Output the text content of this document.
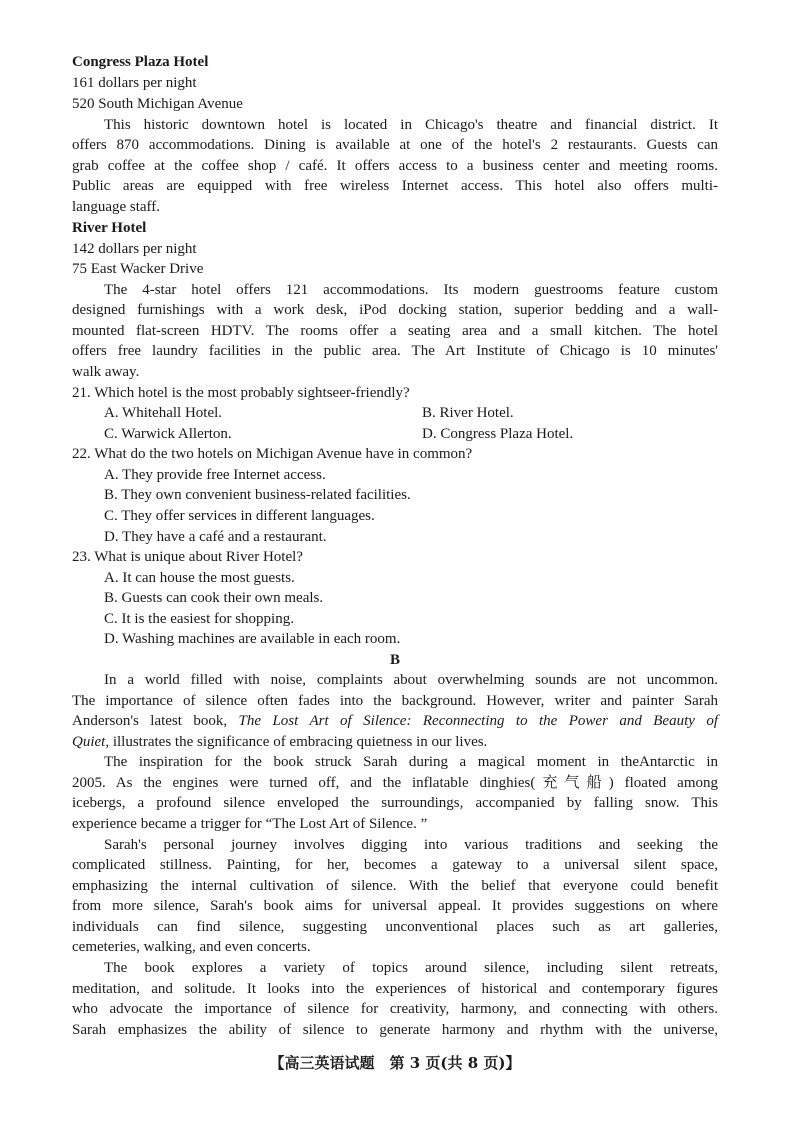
Congress Plaza Hotel
161 dollars per night
520 South Michigan Avenue
This historic downtown hotel is located in Chicago's theatre and financial district. It
offers 870 accommodations. Dining is available at one of the hotel's 2 restaurants. Guests can
grab coffee at the coffee shop / café. It offers access to a business center and meeting rooms.
Public areas are equipped with free wireless Internet access. This hotel also offers multi-
language staff.
River Hotel
142 dollars per night
75 East Wacker Drive
The 4-star hotel offers 121 accommodations. Its modern guestrooms feature custom
designed furnishings with a work desk, iPod docking station, superior bedding and a wall-
mounted flat-screen HDTV. The rooms offer a seating area and a small kitchen. The hotel
offers free laundry facilities in the public area. The Art Institute of Chicago is 10 minutes'
walk away.
21. Which hotel is the most probably sightseer-friendly?
A. Whitehall Hotel.	B. River Hotel.
C. Warwick Allerton.	D. Congress Plaza Hotel.
22. What do the two hotels on Michigan Avenue have in common?
A. They provide free Internet access.
B. They own convenient business-related facilities.
C. They offer services in different languages.
D. They have a café and a restaurant.
23. What is unique about River Hotel?
A. It can house the most guests.
B. Guests can cook their own meals.
C. It is the easiest for shopping.
D. Washing machines are available in each room.
B
In a world filled with noise, complaints about overwhelming sounds are not uncommon.
The importance of silence often fades into the background. However, writer and painter Sarah
Anderson's latest book, The Lost Art of Silence: Reconnecting to the Power and Beauty of
Quiet, illustrates the significance of embracing quietness in our lives.
The inspiration for the book struck Sarah during a magical moment in theAntarctic in
2005. As the engines were turned off, and the inflatable dinghies(充气船) floated among
icebergs, a profound silence enveloped the surroundings, accompanied by falling snow. This
experience became a trigger for “The Lost Art of Silence. ”
Sarah's personal journey involves digging into various traditions and seeking the
complicated stillness. Painting, for her, becomes a gateway to a universal silent space,
emphasizing the internal cultivation of silence. With the belief that everyone could benefit
from more silence, Sarah's book aims for universal appeal. It provides suggestions on where
individuals can find silence, suggesting unconventional places such as art galleries,
cemeteries, walking, and even concerts.
The book explores a variety of topics around silence, including silent retreats,
meditation, and solitude. It looks into the experiences of historical and contemporary figures
who advocate the importance of silence for creativity, harmony, and connecting with others.
Sarah emphasizes the ability of silence to generate harmony and rhythm with the universe,
【高三英语试题　第 3 页(共 8 页)】
